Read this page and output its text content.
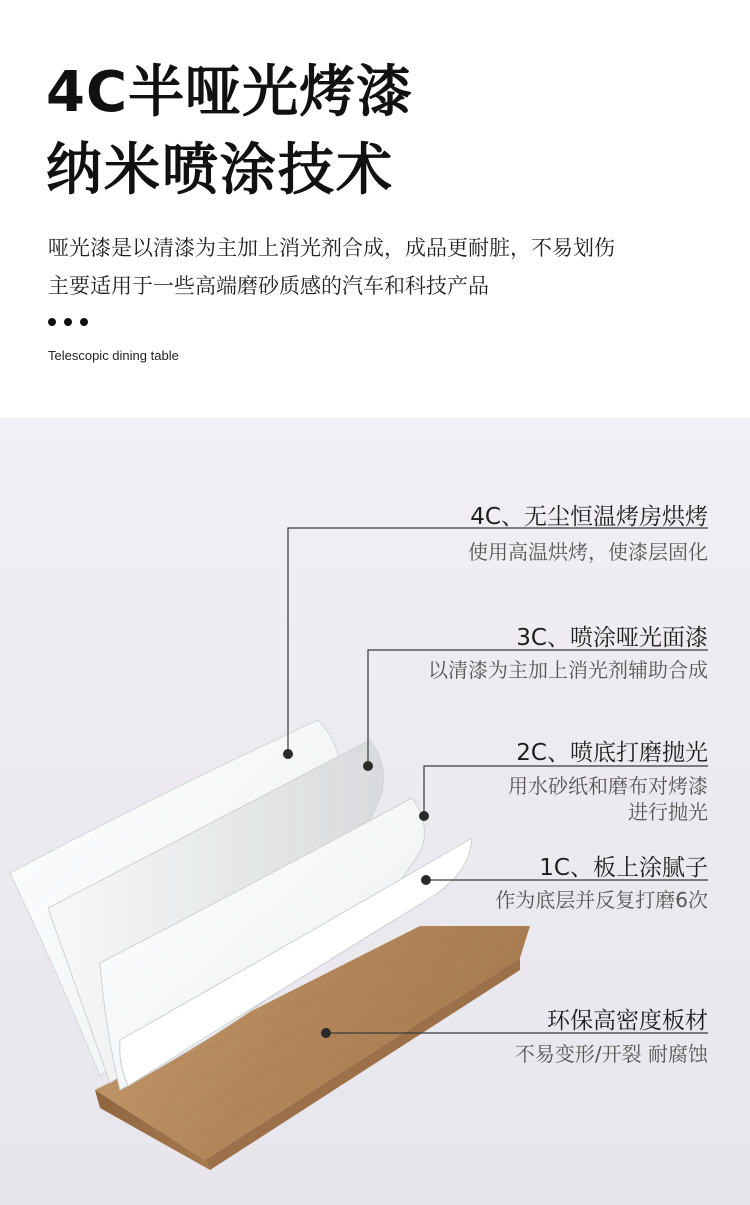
4C半哑光烤漆
纳米喷涂技术
哑光漆是以清漆为主加上消光剂合成，成品更耐脏，不易划伤
主要适用于一些高端磨砂质感的汽车和科技产品
Telescopic dining table
4C、无尘恒温烤房烘烤
使用高温烘烤，使漆层固化
3C、喷涂哑光面漆
以清漆为主加上消光剂辅助合成
2C、喷底打磨抛光
用水砂纸和磨布对烤漆
进行抛光
1C、板上涂腻子
作为底层并反复打磨6次
环保高密度板材
不易变形/开裂 耐腐蚀
